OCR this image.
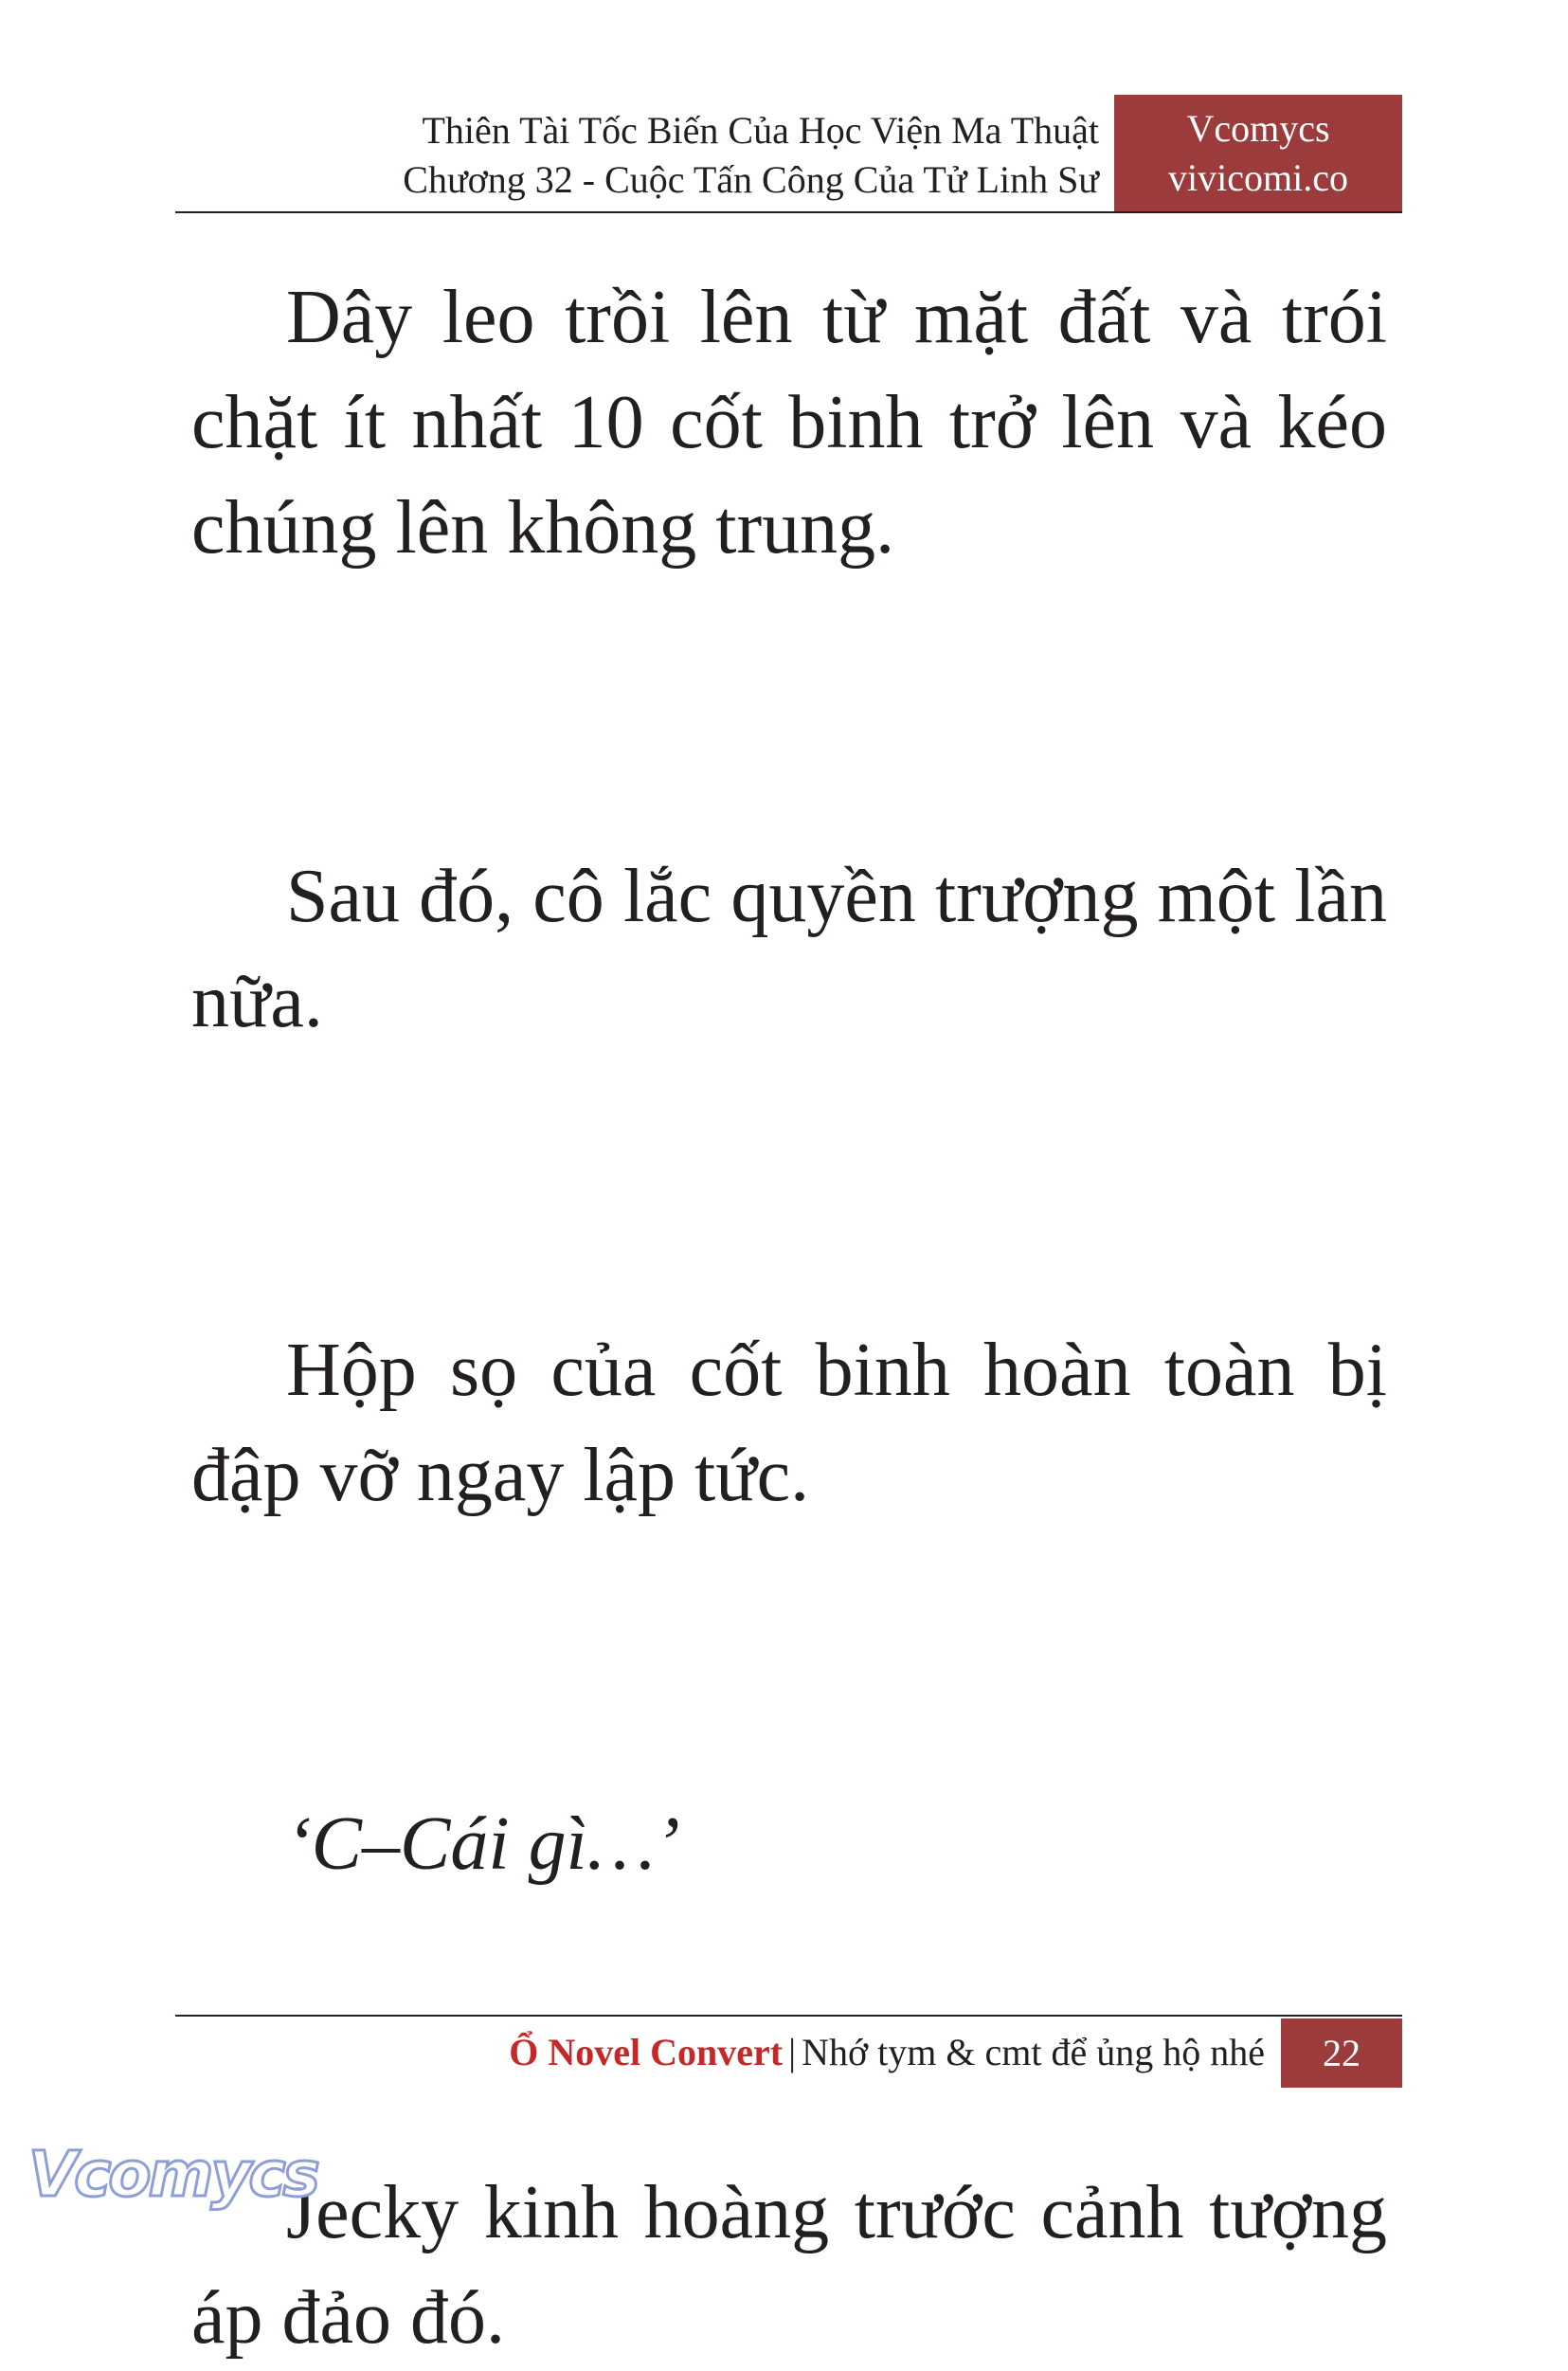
Thiên Tài Tốc Biến Của Học Viện Ma Thuật
Chương 32 - Cuộc Tấn Công Của Tử Linh Sư
Vcomycs
vivicomi.co

Dây leo trồi lên từ mặt đất và trói chặt ít nhất 10 cốt binh trở lên và kéo chúng lên không trung.

Sau đó, cô lắc quyền trượng một lần nữa.

Hộp sọ của cốt binh hoàn toàn bị đập vỡ ngay lập tức.

‘C–Cái gì…’

Jecky kinh hoàng trước cảnh tượng áp đảo đó.

Ổ Novel Convert | Nhớ tym & cmt để ủng hộ nhé	22
Vcomycs
